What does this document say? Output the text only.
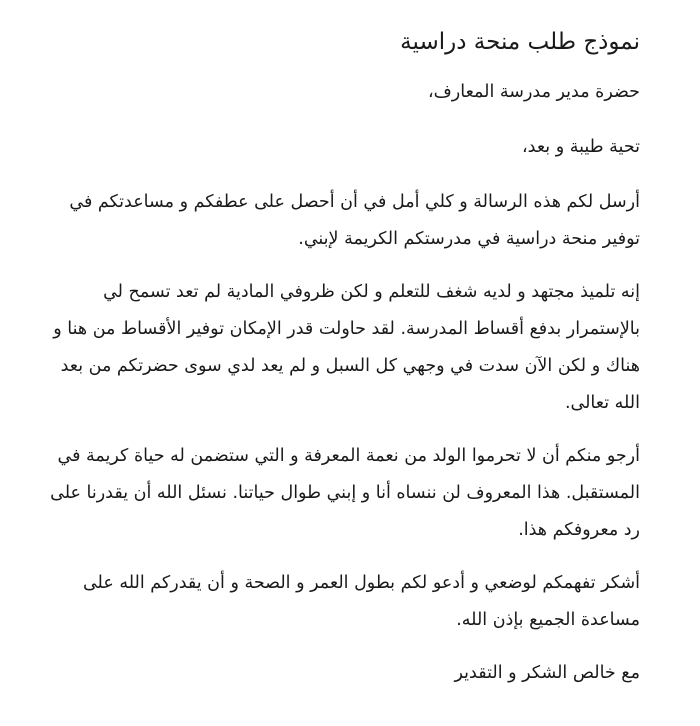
نموذج طلب منحة دراسية

حضرة مدير مدرسة المعارف،

تحية طيبة و بعد،

أرسل لكم هذه الرسالة و كلي أمل في أن أحصل على عطفكم و مساعدتكم في توفير منحة دراسية في مدرستكم الكريمة لإبني.

إنه تلميذ مجتهد و لديه شغف للتعلم و لكن ظروفي المادية لم تعد تسمح لي بالإستمرار بدفع أقساط المدرسة. لقد حاولت قدر الإمكان توفير الأقساط من هنا و هناك و لكن الآن سدت في وجهي كل السبل و لم يعد لدي سوى حضرتكم من بعد الله تعالى.

أرجو منكم أن لا تحرموا الولد من نعمة المعرفة و التي ستضمن له حياة كريمة في المستقبل. هذا المعروف لن ننساه أنا و إبني طوال حياتنا. نسئل الله أن يقدرنا على رد معروفكم هذا.

أشكر تفهمكم لوضعي و أدعو لكم بطول العمر و الصحة و أن يقدركم الله على مساعدة الجميع بإذن الله.

مع خالص الشكر و التقدير
